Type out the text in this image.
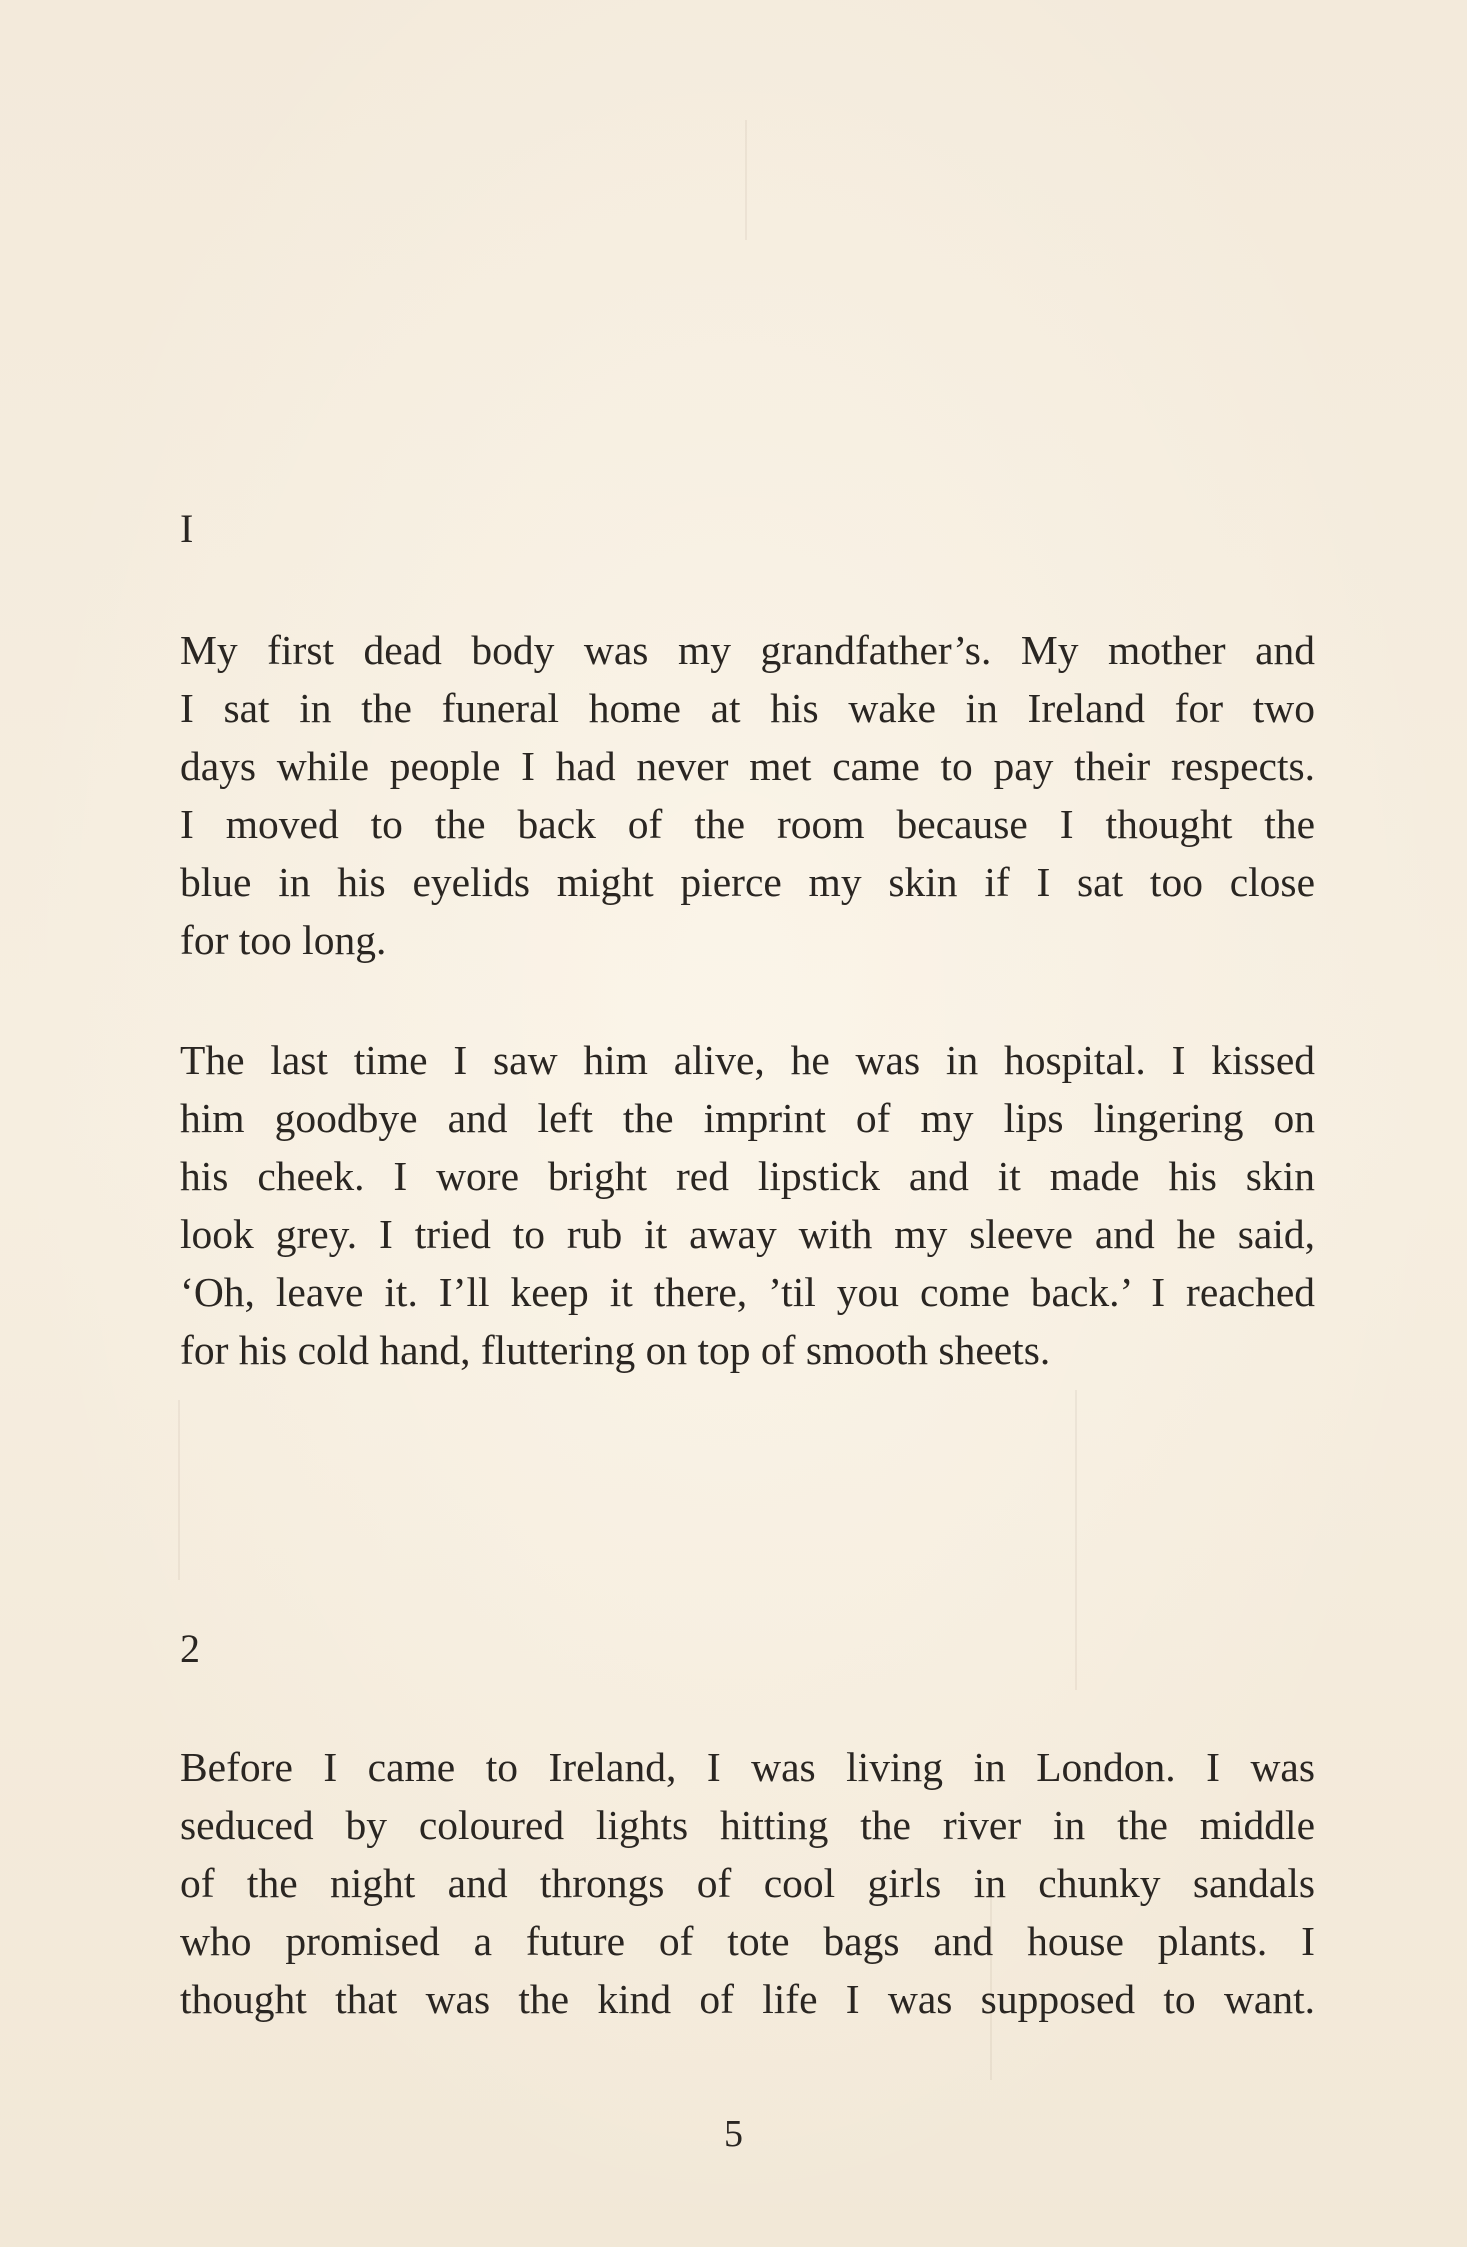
I
My first dead body was my grandfather’s. My mother and
I sat in the funeral home at his wake in Ireland for two
days while people I had never met came to pay their respects.
I moved to the back of the room because I thought the
blue in his eyelids might pierce my skin if I sat too close
for too long.
The last time I saw him alive, he was in hospital. I kissed
him goodbye and left the imprint of my lips lingering on
his cheek. I wore bright red lipstick and it made his skin
look grey. I tried to rub it away with my sleeve and he said,
‘Oh, leave it. I’ll keep it there, ’til you come back.’ I reached
for his cold hand, fluttering on top of smooth sheets.
2
Before I came to Ireland, I was living in London. I was
seduced by coloured lights hitting the river in the middle
of the night and throngs of cool girls in chunky sandals
who promised a future of tote bags and house plants. I
thought that was the kind of life I was supposed to want.
5
